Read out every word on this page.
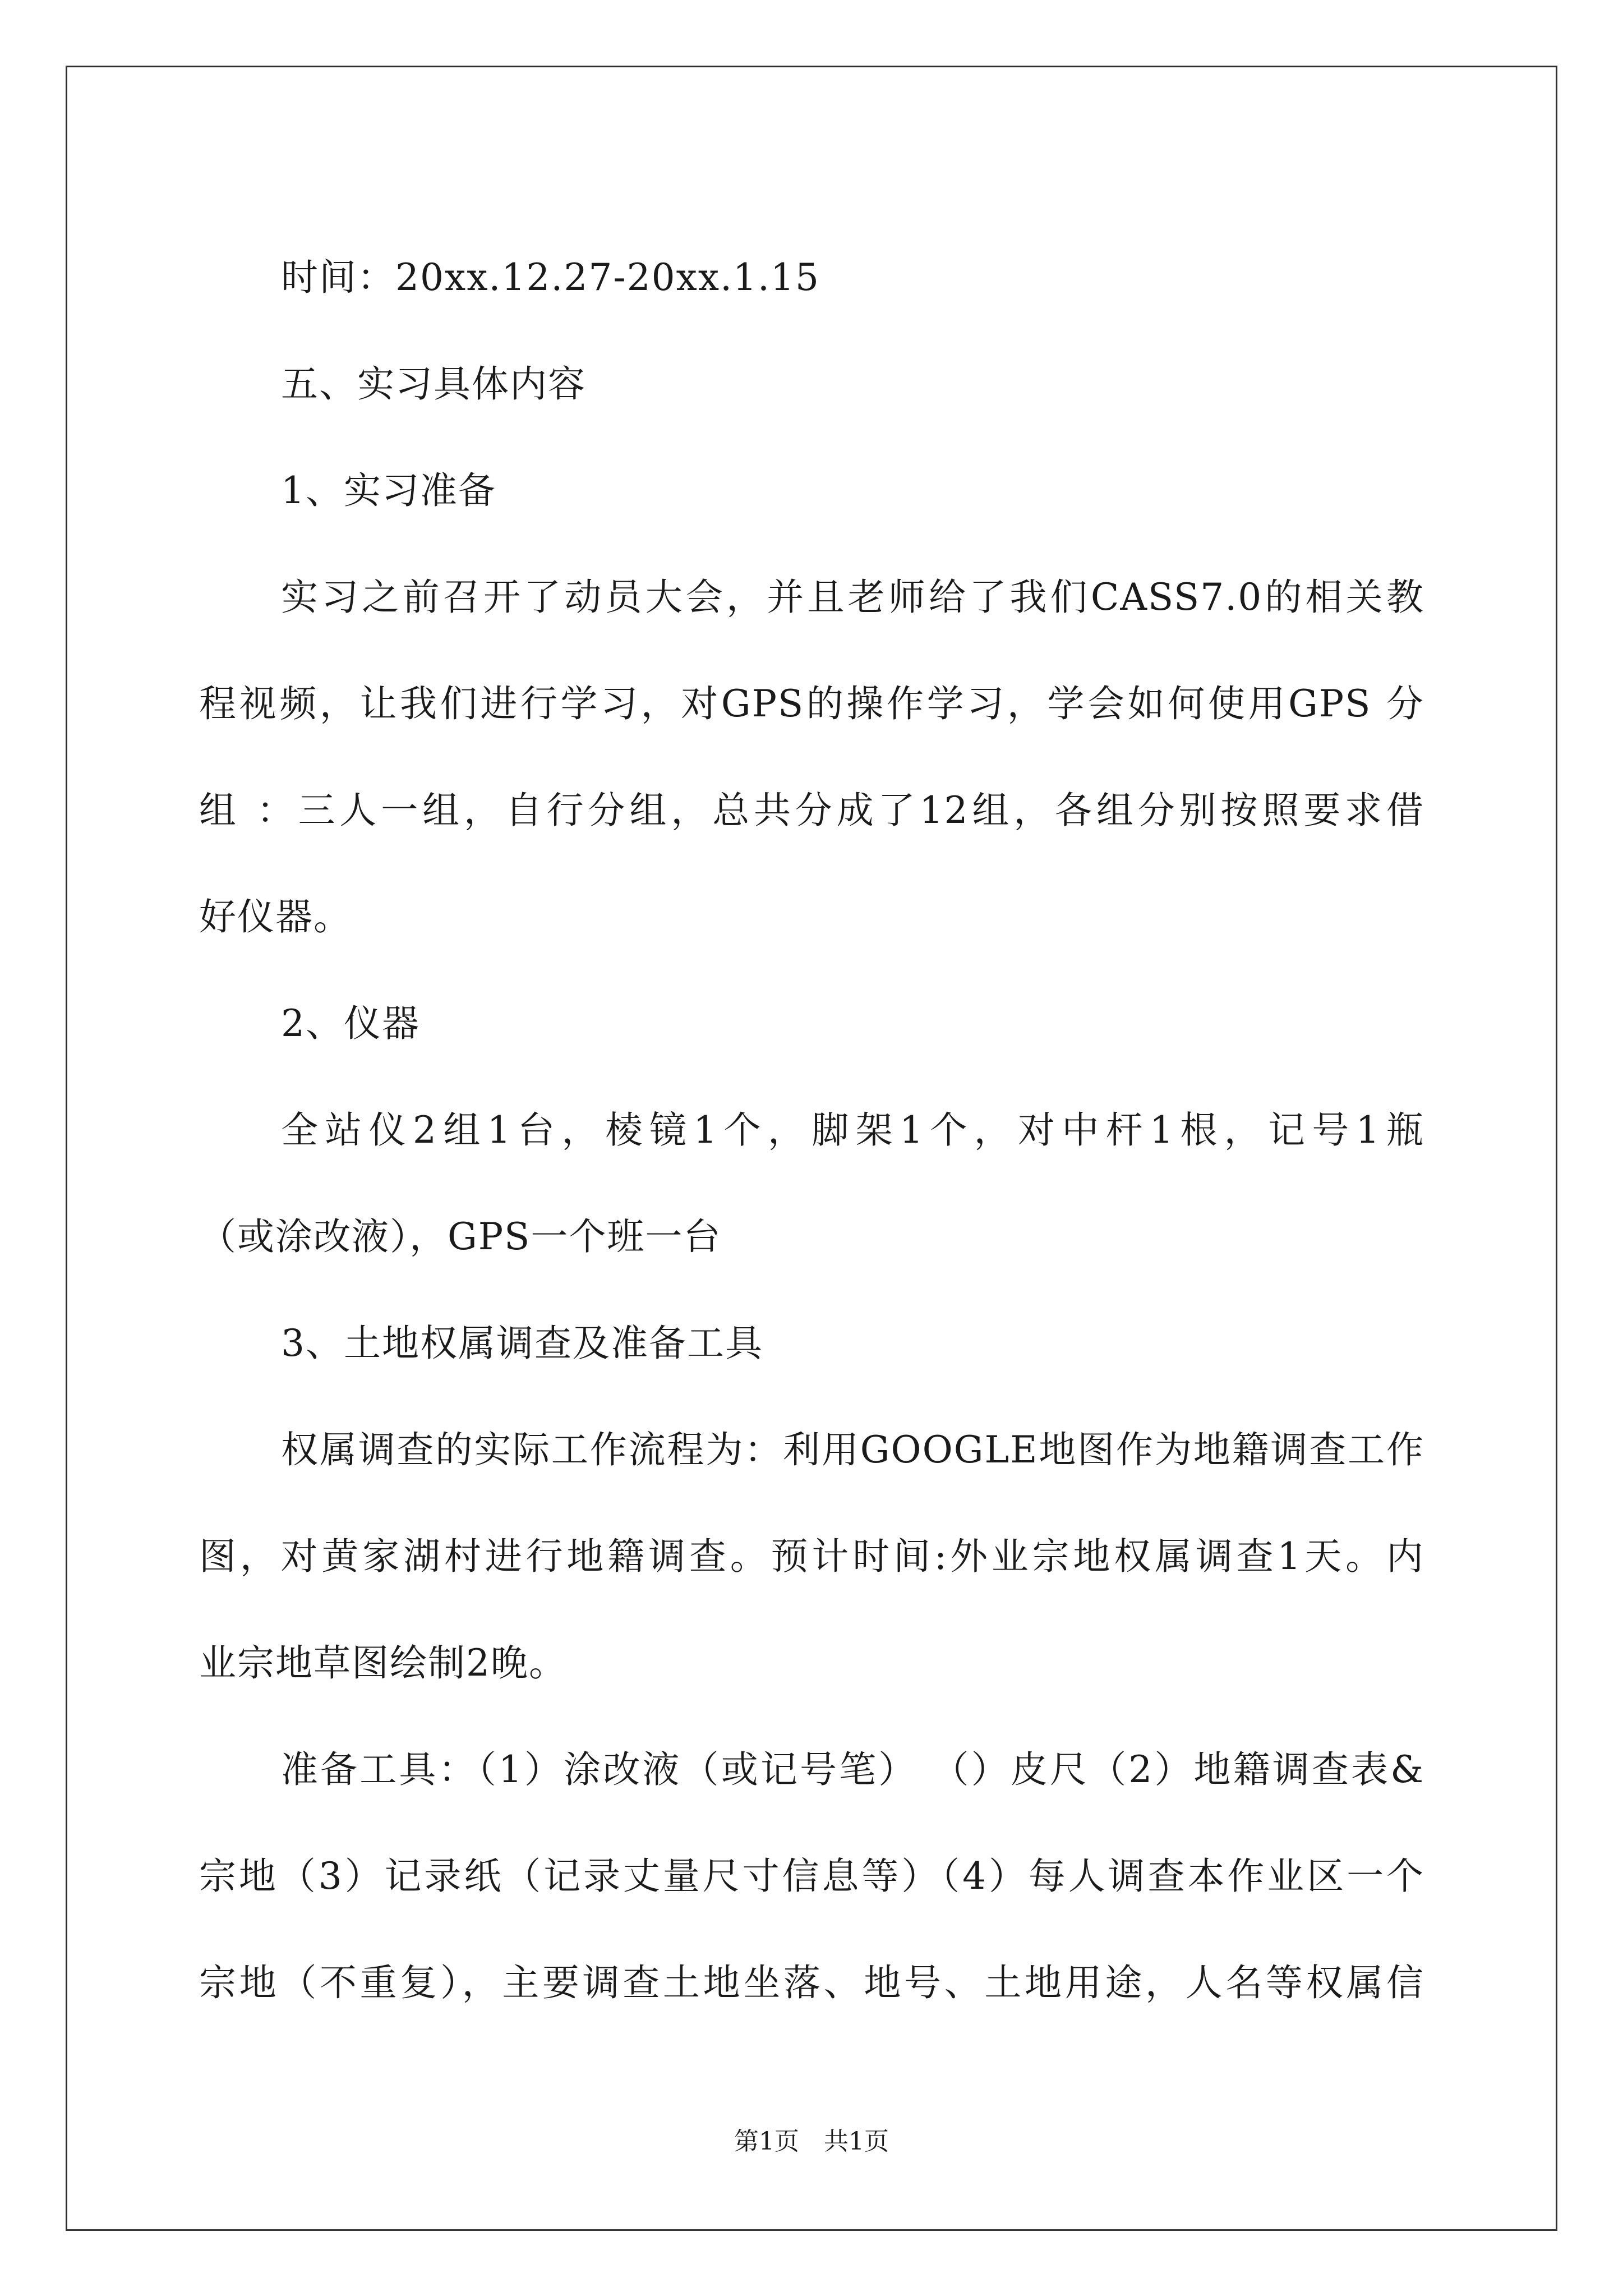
时间：20xx.12.27-20xx.1.15
五、实习具体内容
1、实习准备
实习之前召开了动员大会，并且老师给了我们CASS7.0的相关教
程视频，让我们进行学习，对GPS的操作学习，学会如何使用GPS 分
组 ：三人一组，自行分组，总共分成了12组，各组分别按照要求借
好仪器。
2、仪器
全站仪2组1台，棱镜1个，脚架1个，对中杆1根，记号1瓶
（或涂改液），GPS一个班一台
3、土地权属调查及准备工具
权属调查的实际工作流程为：利用GOOGLE地图作为地籍调查工作
图，对黄家湖村进行地籍调查。预计时间:外业宗地权属调查1天。内
业宗地草图绘制2晚。
准备工具：（1）涂改液（或记号笔） （）皮尺（2）地籍调查表&
宗地（3）记录纸（记录丈量尺寸信息等）（4）每人调查本作业区一个
宗地（不重复），主要调查土地坐落、地号、土地用途，人名等权属信
第1页 共1页
